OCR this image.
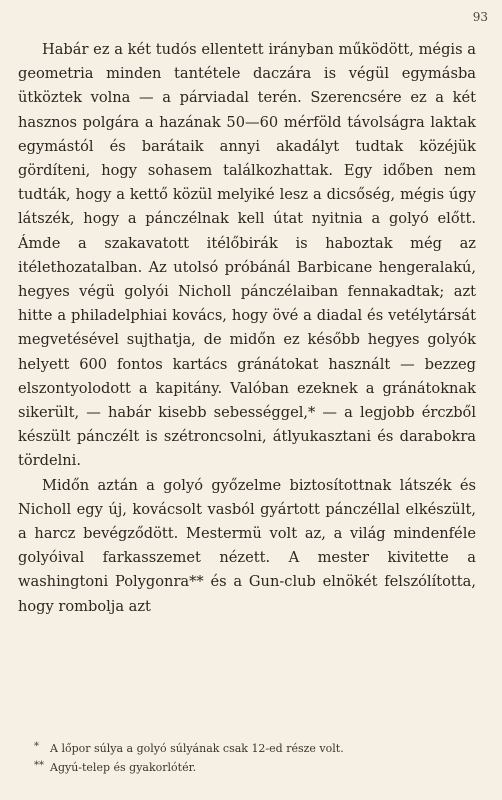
93

Habár ez a két tudós ellentett irányban működött, mégis a geometria minden tantétele daczára is végül egymásba ütköztek volna — a párviadal terén. Szerencsére ez a két hasznos polgára a hazának 50—60 mérföld távolságra laktak egymástól és barátaik annyi akadályt tudtak közéjük gördíteni, hogy sohasem találkozhattak. Egy időben nem tudták, hogy a kettő közül melyiké lesz a dicsőség, mégis úgy látszék, hogy a pánczélnak kell útat nyitnia a golyó előtt. Ámde a szakavatott itélőbirák is haboztak még az itélethozatalban. Az utolsó próbánál Barbicane hengeralakú, hegyes végü golyói Nicholl pánczélaiban fennakadtak; azt hitte a philadelphiai kovács, hogy övé a diadal és vetélytársát megvetésével sujthatja, de midőn ez később hegyes golyók helyett 600 fontos kartács gránátokat használt — bezzeg elszontyolodott a kapitány. Valóban ezeknek a gránátoknak sikerült, — habár kisebb sebességgel,* — a legjobb érczből készült pánczélt is szétroncsolni, átlyukasztani és darabokra tördelni.

Midőn aztán a golyó győzelme biztosítottnak látszék és Nicholl egy új, kovácsolt vasból gyártott pánczéllal elkészült, a harcz bevégződött. Mestermü volt az, a világ mindenféle golyóival farkasszemet nézett. A mester kivitette a washingtoni Polygonra** és a Gun-club elnökét felszólította, hogy rombolja azt

* A lőpor súlya a golyó súlyának csak 12-ed része volt.
** Agyú-telep és gyakorlótér.
